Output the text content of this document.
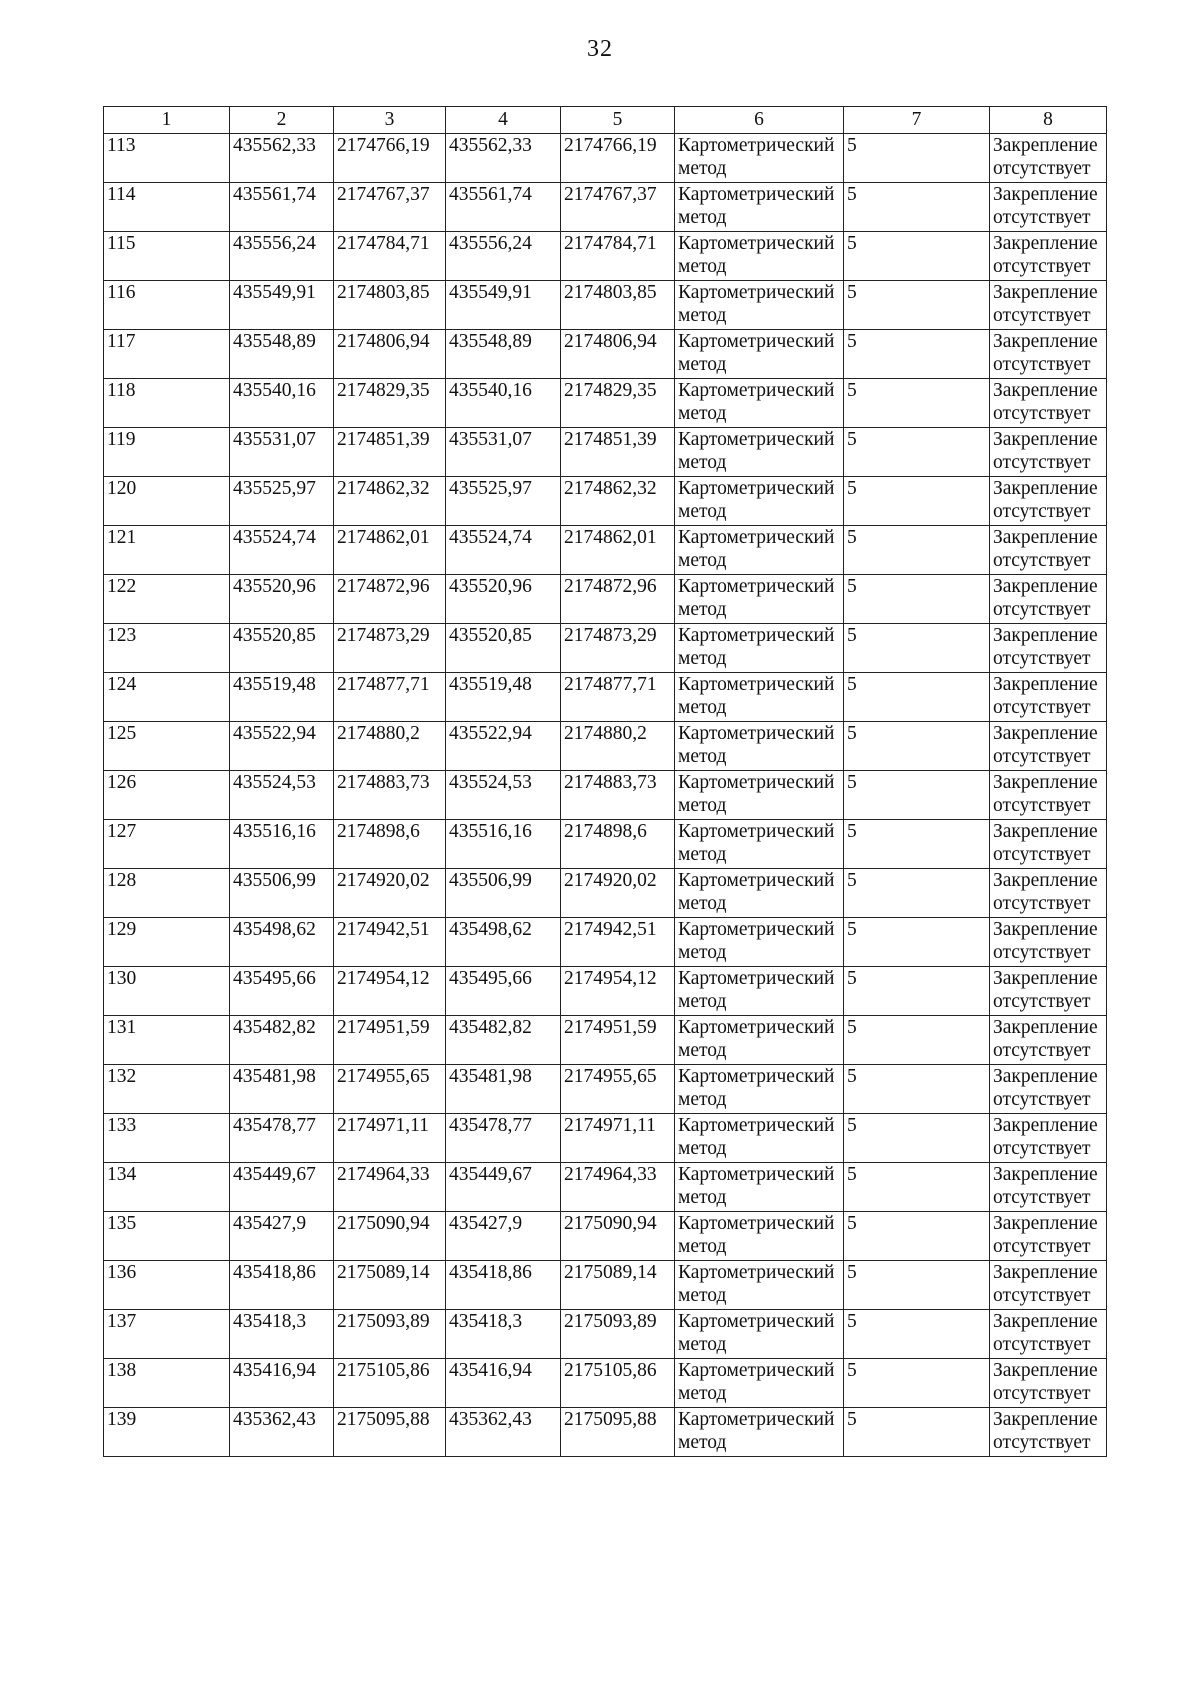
32
1	2	3	4	5	6	7	8
113	435562,33	2174766,19	435562,33	2174766,19	Картометрический метод	5	Закрепление отсутствует
114	435561,74	2174767,37	435561,74	2174767,37	Картометрический метод	5	Закрепление отсутствует
115	435556,24	2174784,71	435556,24	2174784,71	Картометрический метод	5	Закрепление отсутствует
116	435549,91	2174803,85	435549,91	2174803,85	Картометрический метод	5	Закрепление отсутствует
117	435548,89	2174806,94	435548,89	2174806,94	Картометрический метод	5	Закрепление отсутствует
118	435540,16	2174829,35	435540,16	2174829,35	Картометрический метод	5	Закрепление отсутствует
119	435531,07	2174851,39	435531,07	2174851,39	Картометрический метод	5	Закрепление отсутствует
120	435525,97	2174862,32	435525,97	2174862,32	Картометрический метод	5	Закрепление отсутствует
121	435524,74	2174862,01	435524,74	2174862,01	Картометрический метод	5	Закрепление отсутствует
122	435520,96	2174872,96	435520,96	2174872,96	Картометрический метод	5	Закрепление отсутствует
123	435520,85	2174873,29	435520,85	2174873,29	Картометрический метод	5	Закрепление отсутствует
124	435519,48	2174877,71	435519,48	2174877,71	Картометрический метод	5	Закрепление отсутствует
125	435522,94	2174880,2	435522,94	2174880,2	Картометрический метод	5	Закрепление отсутствует
126	435524,53	2174883,73	435524,53	2174883,73	Картометрический метод	5	Закрепление отсутствует
127	435516,16	2174898,6	435516,16	2174898,6	Картометрический метод	5	Закрепление отсутствует
128	435506,99	2174920,02	435506,99	2174920,02	Картометрический метод	5	Закрепление отсутствует
129	435498,62	2174942,51	435498,62	2174942,51	Картометрический метод	5	Закрепление отсутствует
130	435495,66	2174954,12	435495,66	2174954,12	Картометрический метод	5	Закрепление отсутствует
131	435482,82	2174951,59	435482,82	2174951,59	Картометрический метод	5	Закрепление отсутствует
132	435481,98	2174955,65	435481,98	2174955,65	Картометрический метод	5	Закрепление отсутствует
133	435478,77	2174971,11	435478,77	2174971,11	Картометрический метод	5	Закрепление отсутствует
134	435449,67	2174964,33	435449,67	2174964,33	Картометрический метод	5	Закрепление отсутствует
135	435427,9	2175090,94	435427,9	2175090,94	Картометрический метод	5	Закрепление отсутствует
136	435418,86	2175089,14	435418,86	2175089,14	Картометрический метод	5	Закрепление отсутствует
137	435418,3	2175093,89	435418,3	2175093,89	Картометрический метод	5	Закрепление отсутствует
138	435416,94	2175105,86	435416,94	2175105,86	Картометрический метод	5	Закрепление отсутствует
139	435362,43	2175095,88	435362,43	2175095,88	Картометрический метод	5	Закрепление отсутствует
